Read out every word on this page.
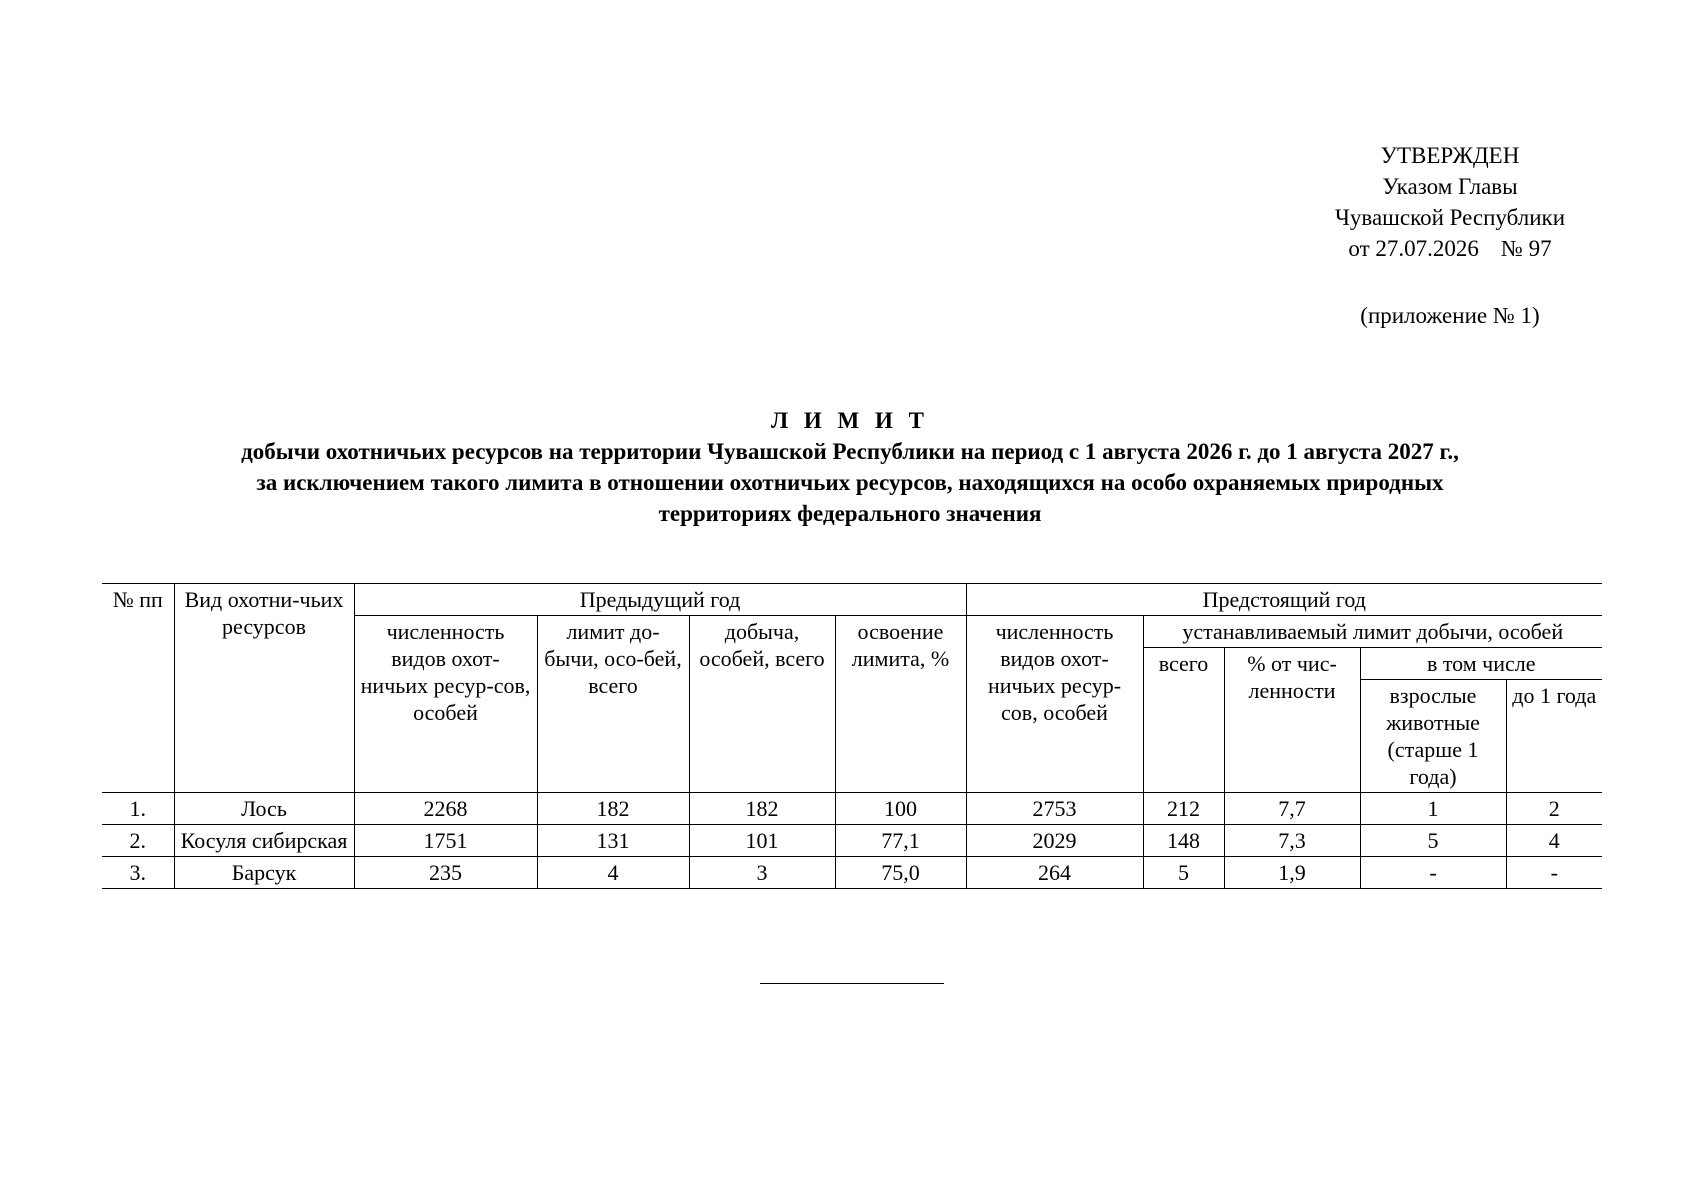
УТВЕРЖДЕН
Указом Главы
Чувашской Республики
от 27.07.2026 № 97
(приложение № 1)
Л И М И Т
добычи охотничьих ресурсов на территории Чувашской Республики на период с 1 августа 2026 г. до 1 августа 2027 г.,
за исключением такого лимита в отношении охотничьих ресурсов, находящихся на особо охраняемых природных
территориях федерального значения
№ пп	Вид охотни-чьих ресурсов	Предыдущий год				Предстоящий год				
		численность видов охот-ничьих ресур-сов, особей	лимит до-бычи, осо-бей, всего	добыча, особей, всего	освоение лимита, %	численность видов охот-ничьих ресур-сов, особей	устанавливаемый лимит добычи, особей			
							всего	% от чис-ленности	в том числе	
									взрослые животные (старше 1 года)	до 1 года
1.	Лось	2268	182	182	100	2753	212	7,7	1	2
2.	Косуля сибирская	1751	131	101	77,1	2029	148	7,3	5	4
3.	Барсук	235	4	3	75,0	264	5	1,9	-	-
